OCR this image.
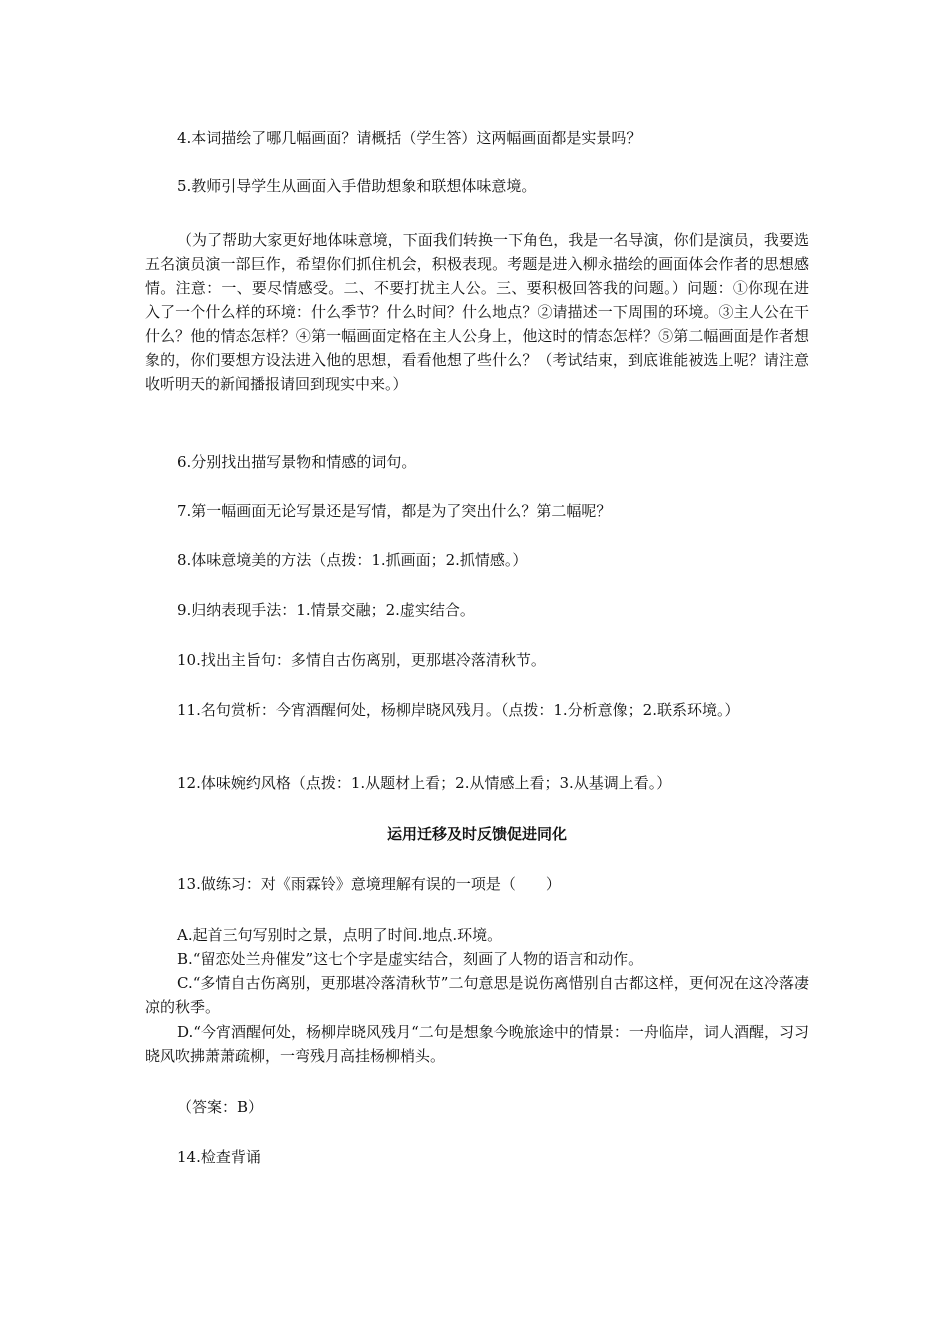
4.本词描绘了哪几幅画面？请概括（学生答）这两幅画面都是实景吗？

5.教师引导学生从画面入手借助想象和联想体味意境。

（为了帮助大家更好地体味意境，下面我们转换一下角色，我是一名导演，你们是演员，我要选五名演员演一部巨作，希望你们抓住机会，积极表现。考题是进入柳永描绘的画面体会作者的思想感情。注意：一、要尽情感受。二、不要打扰主人公。三、要积极回答我的问题。）问题：①你现在进入了一个什么样的环境：什么季节？什么时间？什么地点？②请描述一下周围的环境。③主人公在干什么？他的情态怎样？④第一幅画面定格在主人公身上，他这时的情态怎样？⑤第二幅画面是作者想象的，你们要想方设法进入他的思想，看看他想了些什么？（考试结束，到底谁能被选上呢？请注意收听明天的新闻播报请回到现实中来。）

6.分别找出描写景物和情感的词句。

7.第一幅画面无论写景还是写情，都是为了突出什么？第二幅呢？

8.体味意境美的方法（点拨：1.抓画面；2.抓情感。）

9.归纳表现手法：1.情景交融；2.虚实结合。

10.找出主旨句：多情自古伤离别，更那堪冷落清秋节。

11.名句赏析：今宵酒醒何处，杨柳岸晓风残月。（点拨：1.分析意像；2.联系环境。）

12.体味婉约风格（点拨：1.从题材上看；2.从情感上看；3.从基调上看。）

运用迁移及时反馈促进同化

13.做练习：对《雨霖铃》意境理解有误的一项是（　　）

A.起首三句写别时之景，点明了时间.地点.环境。

B.“留恋处兰舟催发”这七个字是虚实结合，刻画了人物的语言和动作。

C.“多情自古伤离别，更那堪冷落清秋节”二句意思是说伤离惜别自古都这样，更何况在这冷落凄凉的秋季。

D.“今宵酒醒何处，杨柳岸晓风残月“二句是想象今晚旅途中的情景：一舟临岸，词人酒醒，习习晓风吹拂萧萧疏柳，一弯残月高挂杨柳梢头。

（答案：B）

14.检查背诵
